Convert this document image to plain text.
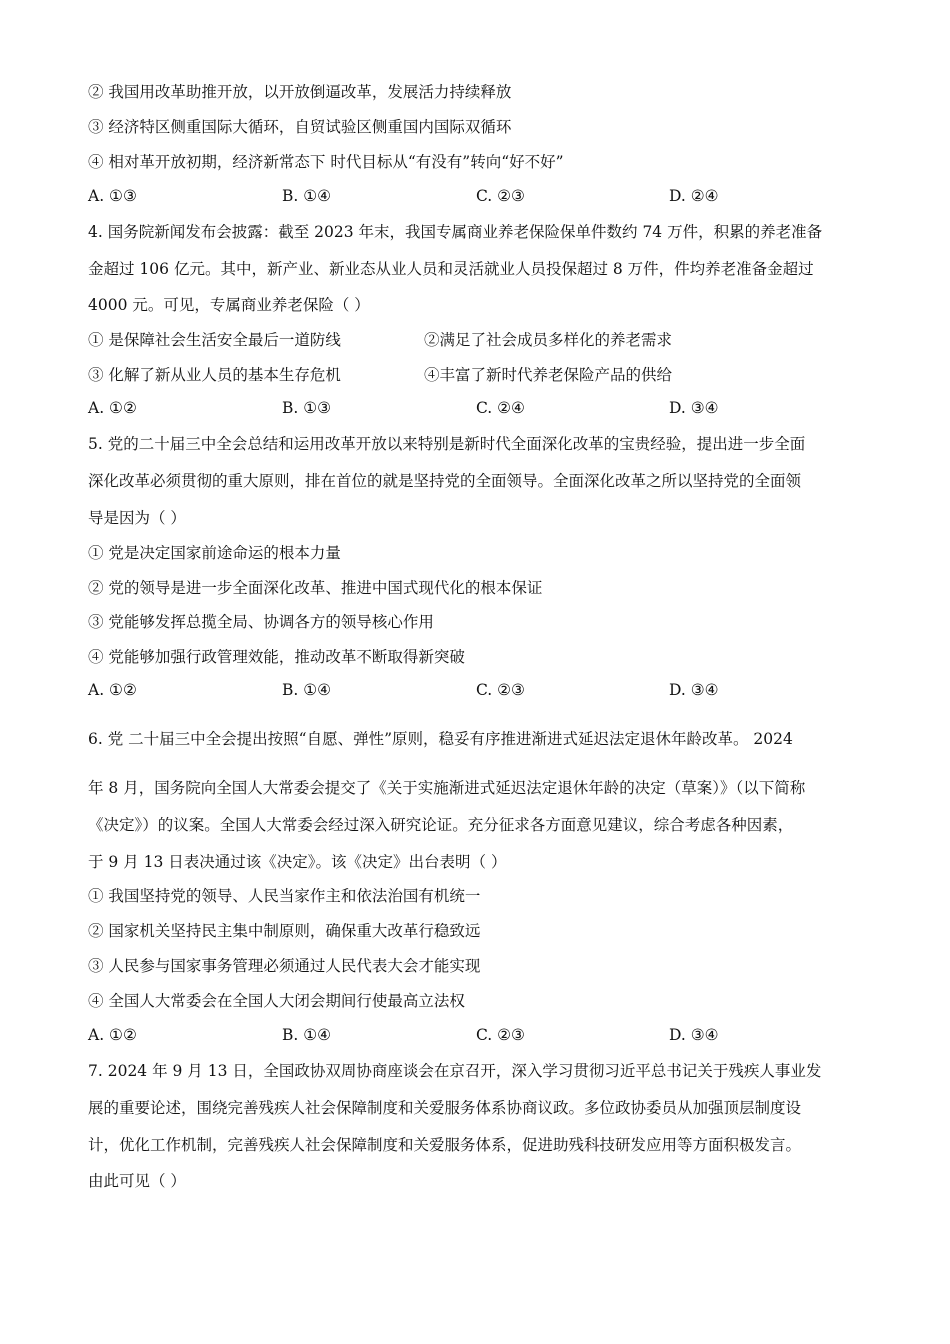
② 我国用改革助推开放，以开放倒逼改革，发展活力持续释放
③ 经济特区侧重国际大循环，自贸试验区侧重国内国际双循环
④ 相对革开放初期，经济新常态下 时代目标从“有没有”转向“好不好”
A. ①③	B. ①④	C. ②③	D. ②④
4. 国务院新闻发布会披露：截至 2023 年末，我国专属商业养老保险保单件数约 74 万件，积累的养老准备
金超过 106 亿元。其中，新产业、新业态从业人员和灵活就业人员投保超过 8 万件，件均养老准备金超过
4000 元。可见，专属商业养老保险（ ）
① 是保障社会生活安全最后一道防线	②满足了社会成员多样化的养老需求
③ 化解了新从业人员的基本生存危机	④丰富了新时代养老保险产品的供给
A. ①②	B. ①③	C. ②④	D. ③④
5. 党的二十届三中全会总结和运用改革开放以来特别是新时代全面深化改革的宝贵经验，提出进一步全面
深化改革必须贯彻的重大原则，排在首位的就是坚持党的全面领导。全面深化改革之所以坚持党的全面领
导是因为（ ）
① 党是决定国家前途命运的根本力量
② 党的领导是进一步全面深化改革、推进中国式现代化的根本保证
③ 党能够发挥总揽全局、协调各方的领导核心作用
④ 党能够加强行政管理效能，推动改革不断取得新突破
A. ①②	B. ①④	C. ②③	D. ③④
6. 党 二十届三中全会提出按照“自愿、弹性”原则，稳妥有序推进渐进式延迟法定退休年龄改革。 2024
年 8 月，国务院向全国人大常委会提交了《关于实施渐进式延迟法定退休年龄的决定（草案）》（以下简称
《决定》）的议案。全国人大常委会经过深入研究论证。充分征求各方面意见建议，综合考虑各种因素，
于 9 月 13 日表决通过该《决定》。该《决定》出台表明（ ）
① 我国坚持党的领导、人民当家作主和依法治国有机统一
② 国家机关坚持民主集中制原则，确保重大改革行稳致远
③ 人民参与国家事务管理必须通过人民代表大会才能实现
④ 全国人大常委会在全国人大闭会期间行使最高立法权
A. ①②	B. ①④	C. ②③	D. ③④
7. 2024 年 9 月 13 日，全国政协双周协商座谈会在京召开，深入学习贯彻习近平总书记关于残疾人事业发
展的重要论述，围绕完善残疾人社会保障制度和关爱服务体系协商议政。多位政协委员从加强顶层制度设
计，优化工作机制，完善残疾人社会保障制度和关爱服务体系，促进助残科技研发应用等方面积极发言。
由此可见（ ）
